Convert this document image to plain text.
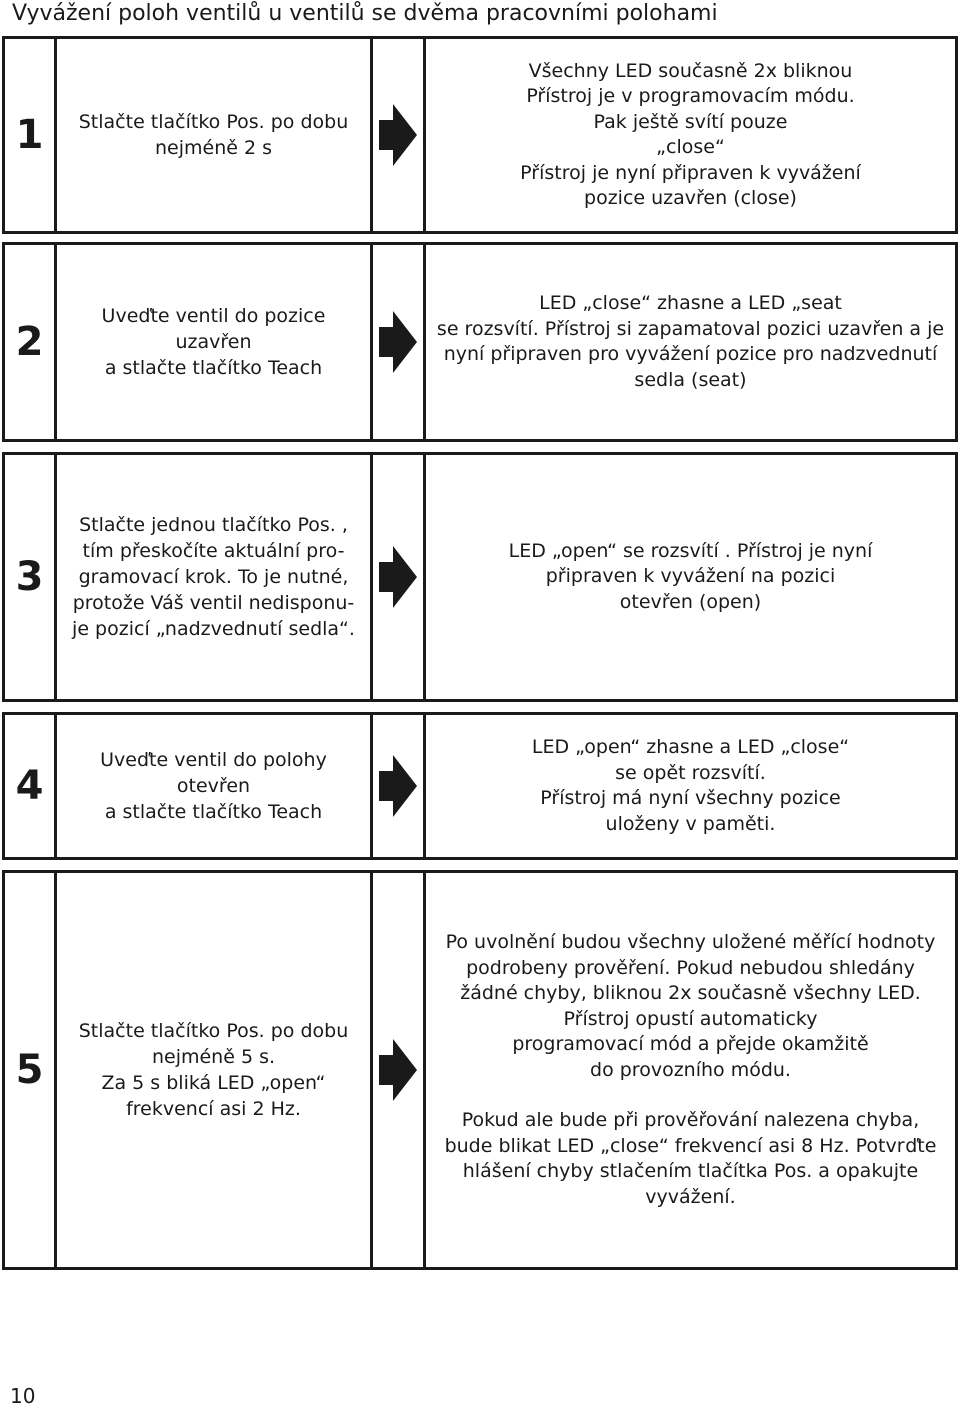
Vyvážení poloh ventilů u ventilů se dvěma pracovními polohami
1	Stlačte tlačítko Pos. po dobu
nejméně 2 s
Všechny LED současně 2x bliknou
Přístroj je v programovacím módu.
Pak ještě svítí pouze
„close“
Přístroj je nyní připraven k vyvážení
pozice uzavřen (close)
2
Uveďte ventil do pozice
uzavřen
a stlačte tlačítko Teach
LED „close“ zhasne a LED „seat
se rozsvítí. Přístroj si zapamatoval pozici uzavřen a je
nyní připraven pro vyvážení pozice pro nadzvednutí
sedla (seat)
3
Stlačte jednou tlačítko Pos. ,
tím přeskočíte aktuální pro-
gramovací krok. To je nutné,
protože Váš ventil nedisponu-
je pozicí „nadzvednutí sedla“.
LED „open“ se rozsvítí . Přístroj je nyní
připraven k vyvážení na pozici
otevřen (open)
4
Uveďte ventil do polohy
otevřen
a stlačte tlačítko Teach
LED „open“ zhasne a LED „close“
se opět rozsvítí.
Přístroj má nyní všechny pozice
uloženy v paměti.
5
Stlačte tlačítko Pos. po dobu
nejméně 5 s.
Za 5 s bliká LED „open“
frekvencí asi 2 Hz.
Po uvolnění budou všechny uložené měřící hodnoty
podrobeny prověření. Pokud nebudou shledány
žádné chyby, bliknou 2x současně všechny LED.
Přístroj opustí automaticky
programovací mód a přejde okamžitě
do provozního módu.
Pokud ale bude při prověřování nalezena chyba,
bude blikat LED „close“ frekvencí asi 8 Hz. Potvrďte
hlášení chyby stlačením tlačítka Pos. a opakujte
vyvážení.
10
